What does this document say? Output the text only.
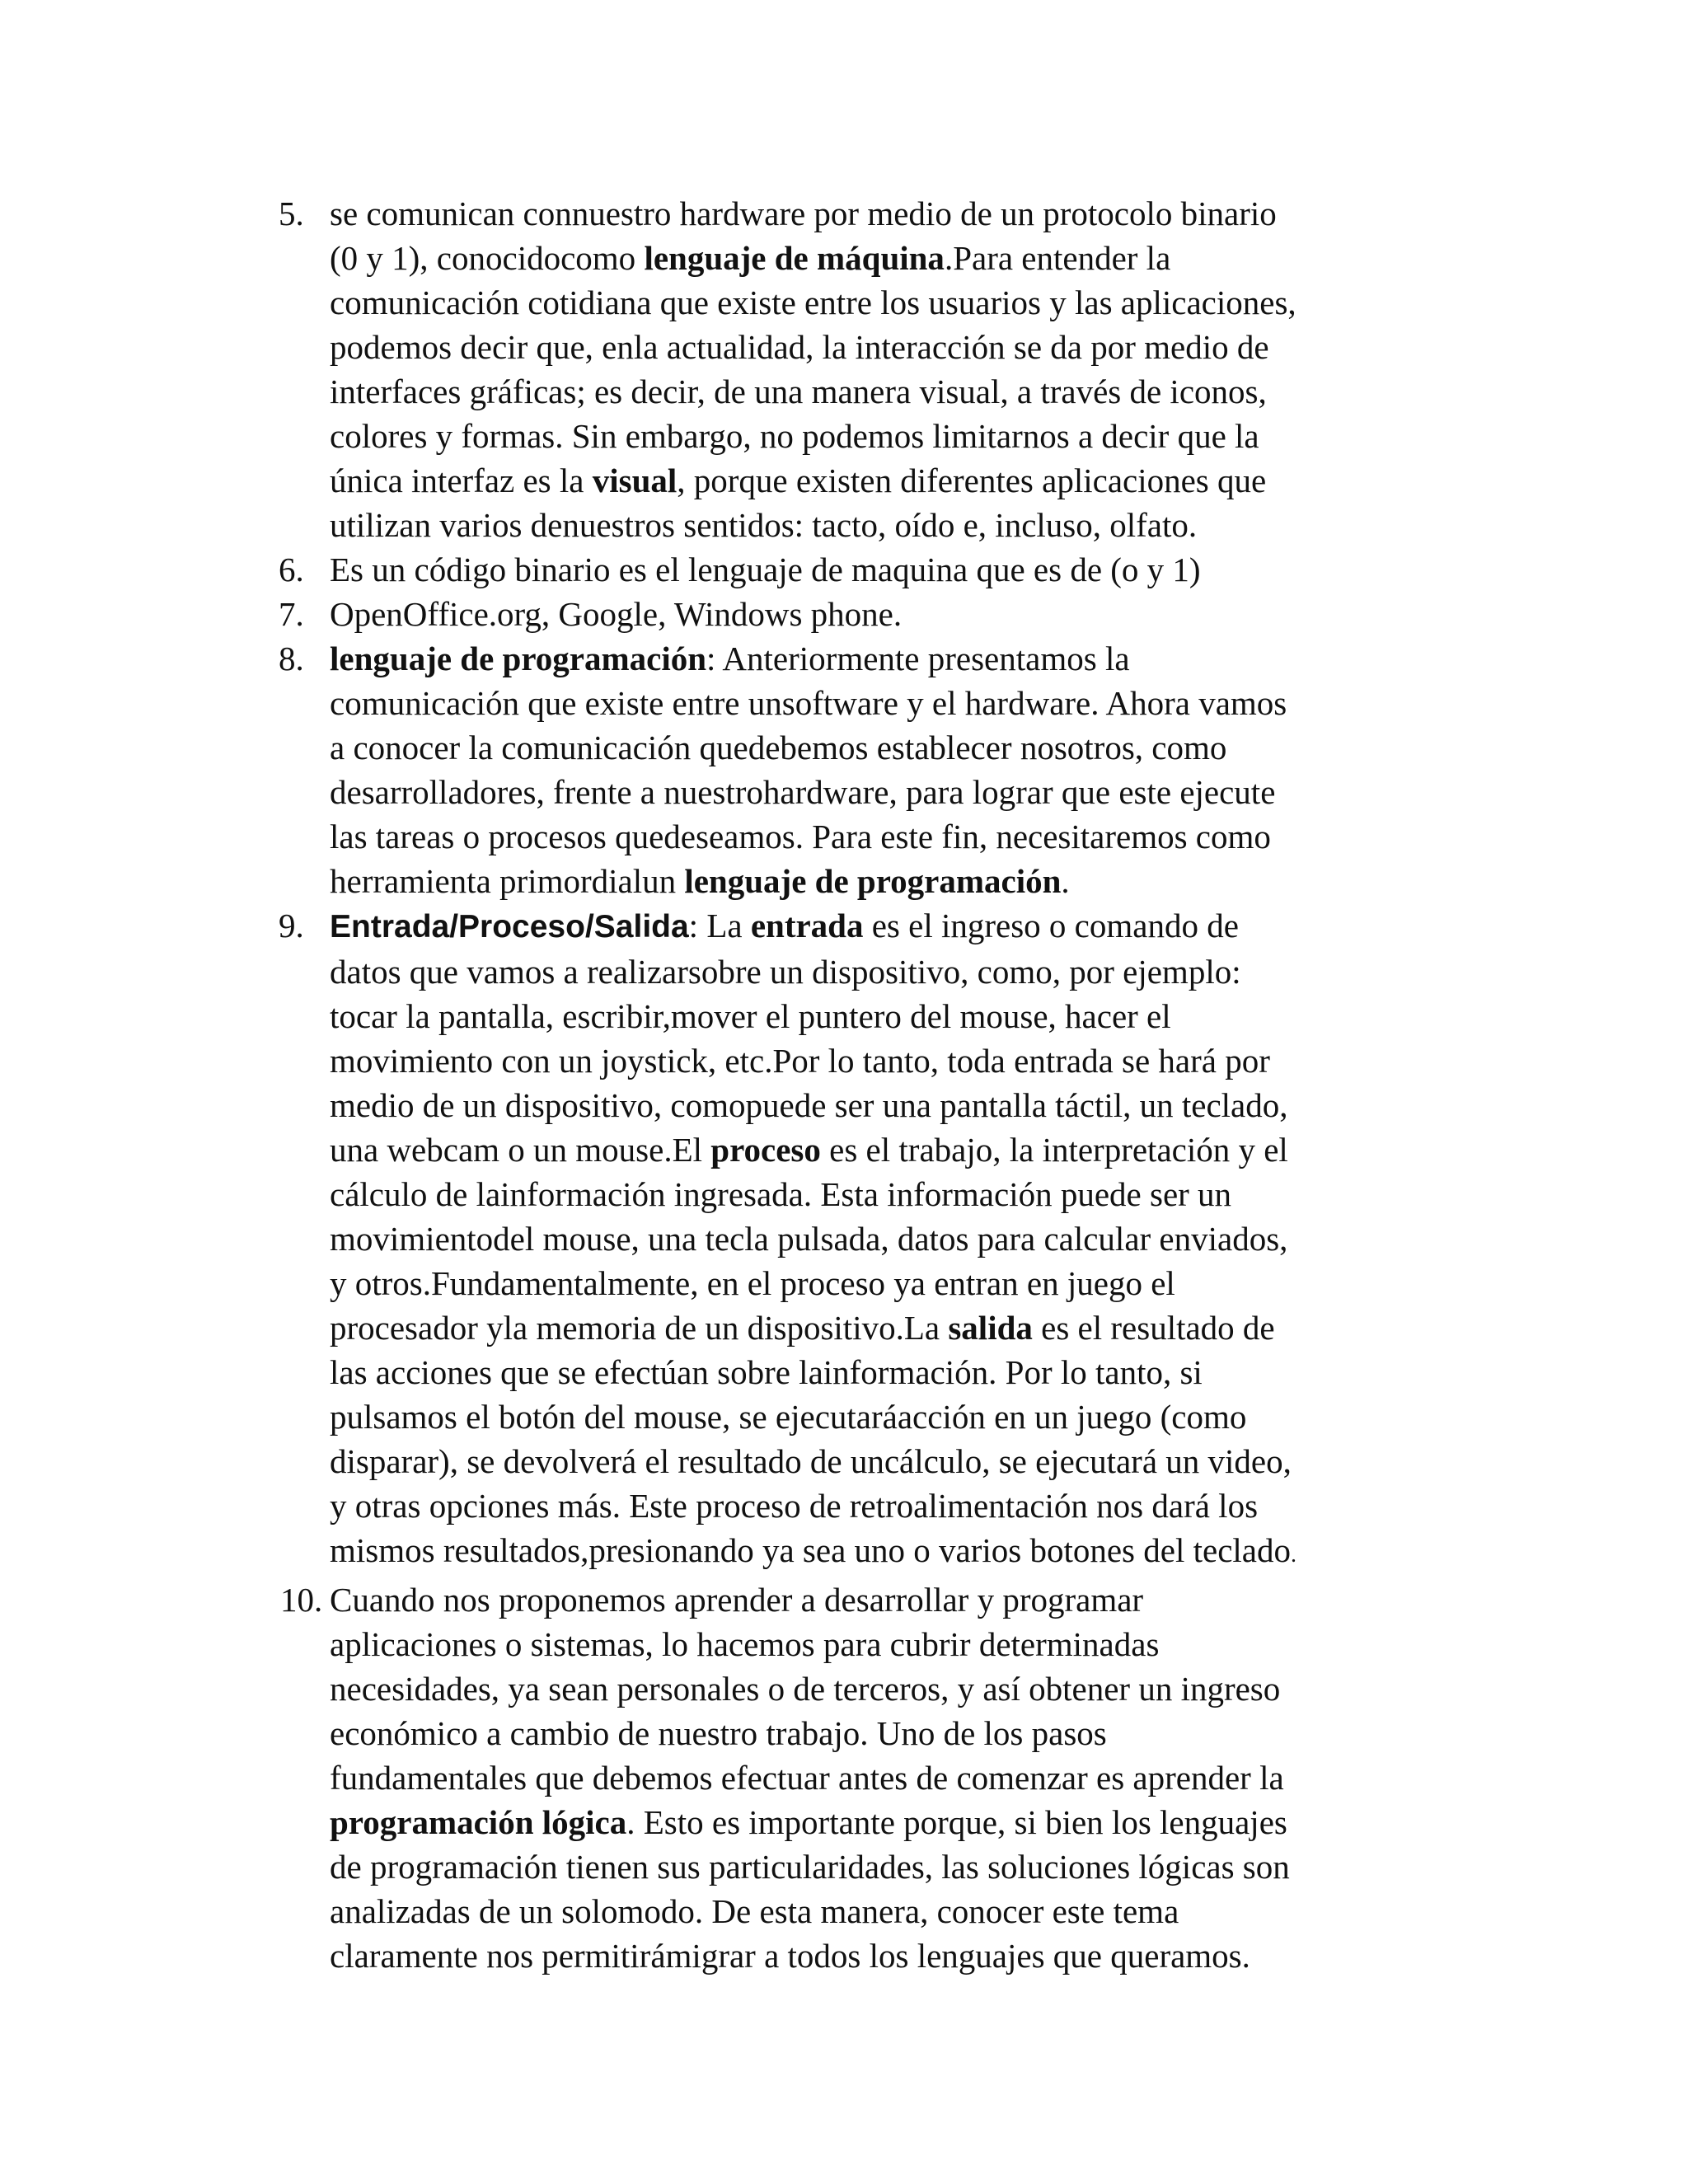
5. se comunican connuestro hardware por medio de un protocolo binario
(0 y 1), conocidocomo lenguaje de máquina.Para entender la
comunicación cotidiana que existe entre los usuarios y las aplicaciones,
podemos decir que, enla actualidad, la interacción se da por medio de
interfaces gráficas; es decir, de una manera visual, a través de iconos,
colores y formas. Sin embargo, no podemos limitarnos a decir que la
única interfaz es la visual, porque existen diferentes aplicaciones que
utilizan varios denuestros sentidos: tacto, oído e, incluso, olfato.
6. Es un código binario es el lenguaje de maquina que es de (o y 1)
7. OpenOffice.org, Google, Windows phone.
8. lenguaje de programación: Anteriormente presentamos la
comunicación que existe entre unsoftware y el hardware. Ahora vamos
a conocer la comunicación quedebemos establecer nosotros, como
desarrolladores, frente a nuestrohardware, para lograr que este ejecute
las tareas o procesos quedeseamos. Para este fin, necesitaremos como
herramienta primordialun lenguaje de programación.
9. Entrada/Proceso/Salida: La entrada es el ingreso o comando de
datos que vamos a realizarsobre un dispositivo, como, por ejemplo:
tocar la pantalla, escribir,mover el puntero del mouse, hacer el
movimiento con un joystick, etc.Por lo tanto, toda entrada se hará por
medio de un dispositivo, comopuede ser una pantalla táctil, un teclado,
una webcam o un mouse.El proceso es el trabajo, la interpretación y el
cálculo de lainformación ingresada. Esta información puede ser un
movimientodel mouse, una tecla pulsada, datos para calcular enviados,
y otros.Fundamentalmente, en el proceso ya entran en juego el
procesador yla memoria de un dispositivo.La salida es el resultado de
las acciones que se efectúan sobre lainformación. Por lo tanto, si
pulsamos el botón del mouse, se ejecutaráacción en un juego (como
disparar), se devolverá el resultado de uncálculo, se ejecutará un video,
y otras opciones más. Este proceso de retroalimentación nos dará los
mismos resultados,presionando ya sea uno o varios botones del teclado.
10. Cuando nos proponemos aprender a desarrollar y programar
aplicaciones o sistemas, lo hacemos para cubrir determinadas
necesidades, ya sean personales o de terceros, y así obtener un ingreso
económico a cambio de nuestro trabajo. Uno de los pasos
fundamentales que debemos efectuar antes de comenzar es aprender la
programación lógica. Esto es importante porque, si bien los lenguajes
de programación tienen sus particularidades, las soluciones lógicas son
analizadas de un solomodo. De esta manera, conocer este tema
claramente nos permitirámigrar a todos los lenguajes que queramos.
